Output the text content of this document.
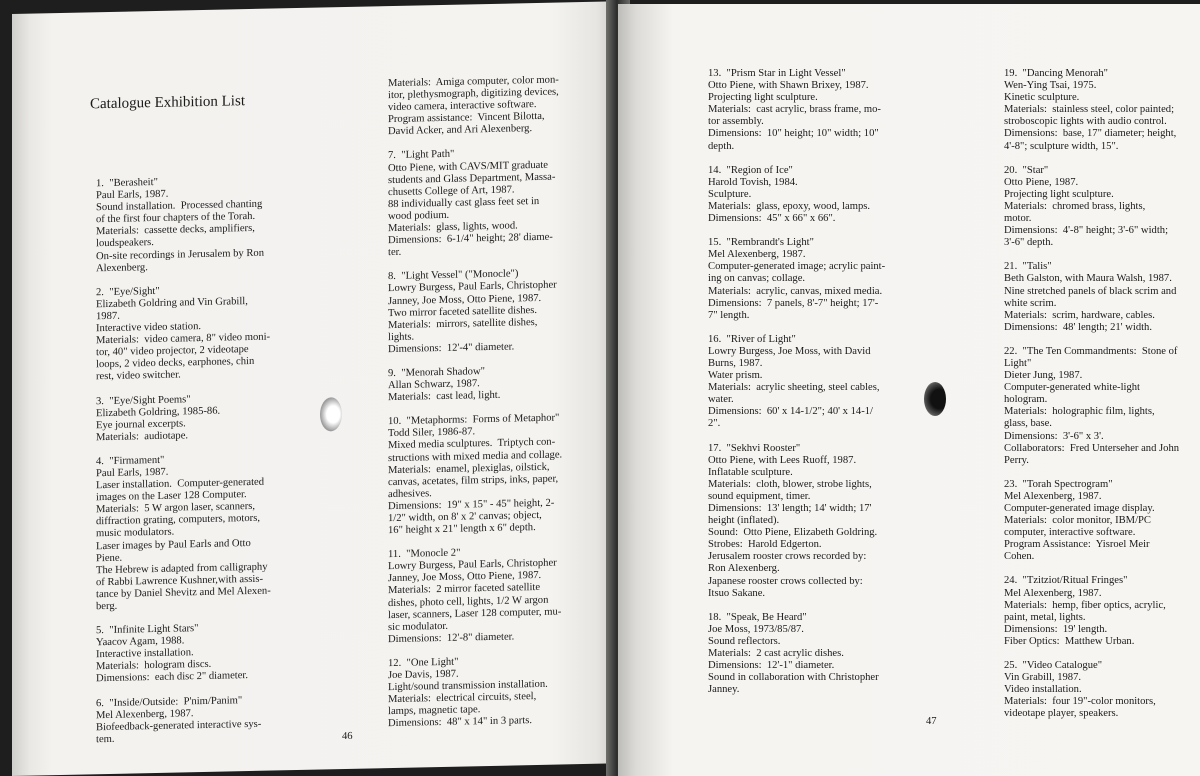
Catalogue Exhibition List
1.  "Berasheit"
Paul Earls, 1987.
Sound installation.  Processed chanting
of the first four chapters of the Torah.
Materials:  cassette decks, amplifiers,
loudspeakers.
On-site recordings in Jerusalem by Ron
Alexenberg.
2.  "Eye/Sight"
Elizabeth Goldring and Vin Grabill,
1987.
Interactive video station.
Materials:  video camera, 8" video moni-
tor, 40" video projector, 2 videotape
loops, 2 video decks, earphones, chin
rest, video switcher.
3.  "Eye/Sight Poems"
Elizabeth Goldring, 1985-86.
Eye journal excerpts.
Materials:  audiotape.
4.  "Firmament"
Paul Earls, 1987.
Laser installation.  Computer-generated
images on the Laser 128 Computer.
Materials:  5 W argon laser, scanners,
diffraction grating, computers, motors,
music modulators.
Laser images by Paul Earls and Otto
Piene.
The Hebrew is adapted from calligraphy
of Rabbi Lawrence Kushner,with assis-
tance by Daniel Shevitz and Mel Alexen-
berg.
5.  "Infinite Light Stars"
Yaacov Agam, 1988.
Interactive installation.
Materials:  hologram discs.
Dimensions:  each disc 2" diameter.
6.  "Inside/Outside:  P'nim/Panim"
Mel Alexenberg, 1987.
Biofeedback-generated interactive sys-
tem.
Materials:  Amiga computer, color mon-
itor, plethysmograph, digitizing devices,
video camera, interactive software.
Program assistance:  Vincent Bilotta,
David Acker, and Ari Alexenberg.
7.  "Light Path"
Otto Piene, with CAVS/MIT graduate
students and Glass Department, Massa-
chusetts College of Art, 1987.
88 individually cast glass feet set in
wood podium.
Materials:  glass, lights, wood.
Dimensions:  6-1/4" height; 28' diame-
ter.
8.  "Light Vessel" ("Monocle")
Lowry Burgess, Paul Earls, Christopher
Janney, Joe Moss, Otto Piene, 1987.
Two mirror faceted satellite dishes.
Materials:  mirrors, satellite dishes,
lights.
Dimensions:  12'-4" diameter.
9.  "Menorah Shadow"
Allan Schwarz, 1987.
Materials:  cast lead, light.
10.  "Metaphorms:  Forms of Metaphor"
Todd Siler, 1986-87.
Mixed media sculptures.  Triptych con-
structions with mixed media and collage.
Materials:  enamel, plexiglas, oilstick,
canvas, acetates, film strips, inks, paper,
adhesives.
Dimensions:  19" x 15" - 45" height, 2-
1/2" width, on 8' x 2' canvas; object,
16" height x 21" length x 6" depth.
11.  "Monocle 2"
Lowry Burgess, Paul Earls, Christopher
Janney, Joe Moss, Otto Piene, 1987.
Materials:  2 mirror faceted satellite
dishes, photo cell, lights, 1/2 W argon
laser, scanners, Laser 128 computer, mu-
sic modulator.
Dimensions:  12'-8" diameter.
12.  "One Light"
Joe Davis, 1987.
Light/sound transmission installation.
Materials:  electrical circuits, steel,
lamps, magnetic tape.
Dimensions:  48" x 14" in 3 parts.
46
13.  "Prism Star in Light Vessel"
Otto Piene, with Shawn Brixey, 1987.
Projecting light sculpture.
Materials:  cast acrylic, brass frame, mo-
tor assembly.
Dimensions:  10" height; 10" width; 10"
depth.
14.  "Region of Ice"
Harold Tovish, 1984.
Sculpture.
Materials:  glass, epoxy, wood, lamps.
Dimensions:  45" x 66" x 66".
15.  "Rembrandt's Light"
Mel Alexenberg, 1987.
Computer-generated image; acrylic paint-
ing on canvas; collage.
Materials:  acrylic, canvas, mixed media.
Dimensions:  7 panels, 8'-7" height; 17'-
7" length.
16.  "River of Light"
Lowry Burgess, Joe Moss, with David
Burns, 1987.
Water prism.
Materials:  acrylic sheeting, steel cables,
water.
Dimensions:  60' x 14-1/2"; 40' x 14-1/
2".
17.  "Sekhvi Rooster"
Otto Piene, with Lees Ruoff, 1987.
Inflatable sculpture.
Materials:  cloth, blower, strobe lights,
sound equipment, timer.
Dimensions:  13' length; 14' width; 17'
height (inflated).
Sound:  Otto Piene, Elizabeth Goldring.
Strobes:  Harold Edgerton.
Jerusalem rooster crows recorded by:
Ron Alexenberg.
Japanese rooster crows collected by:
Itsuo Sakane.
18.  "Speak, Be Heard"
Joe Moss, 1973/85/87.
Sound reflectors.
Materials:  2 cast acrylic dishes.
Dimensions:  12'-1" diameter.
Sound in collaboration with Christopher
Janney.
19.  "Dancing Menorah"
Wen-Ying Tsai, 1975.
Kinetic sculpture.
Materials:  stainless steel, color painted;
stroboscopic lights with audio control.
Dimensions:  base, 17" diameter; height,
4'-8"; sculpture width, 15".
20.  "Star"
Otto Piene, 1987.
Projecting light sculpture.
Materials:  chromed brass, lights,
motor.
Dimensions:  4'-8" height; 3'-6" width;
3'-6" depth.
21.  "Talis"
Beth Galston, with Maura Walsh, 1987.
Nine stretched panels of black scrim and
white scrim.
Materials:  scrim, hardware, cables.
Dimensions:  48' length; 21' width.
22.  "The Ten Commandments:  Stone of
Light"
Dieter Jung, 1987.
Computer-generated white-light
hologram.
Materials:  holographic film, lights,
glass, base.
Dimensions:  3'-6" x 3'.
Collaborators:  Fred Unterseher and John
Perry.
23.  "Torah Spectrogram"
Mel Alexenberg, 1987.
Computer-generated image display.
Materials:  color monitor, IBM/PC
computer, interactive software.
Program Assistance:  Yisroel Meir
Cohen.
24.  "Tzitziot/Ritual Fringes"
Mel Alexenberg, 1987.
Materials:  hemp, fiber optics, acrylic,
paint, metal, lights.
Dimensions:  19' length.
Fiber Optics:  Matthew Urban.
25.  "Video Catalogue"
Vin Grabill, 1987.
Video installation.
Materials:  four 19"-color monitors,
videotape player, speakers.
47
